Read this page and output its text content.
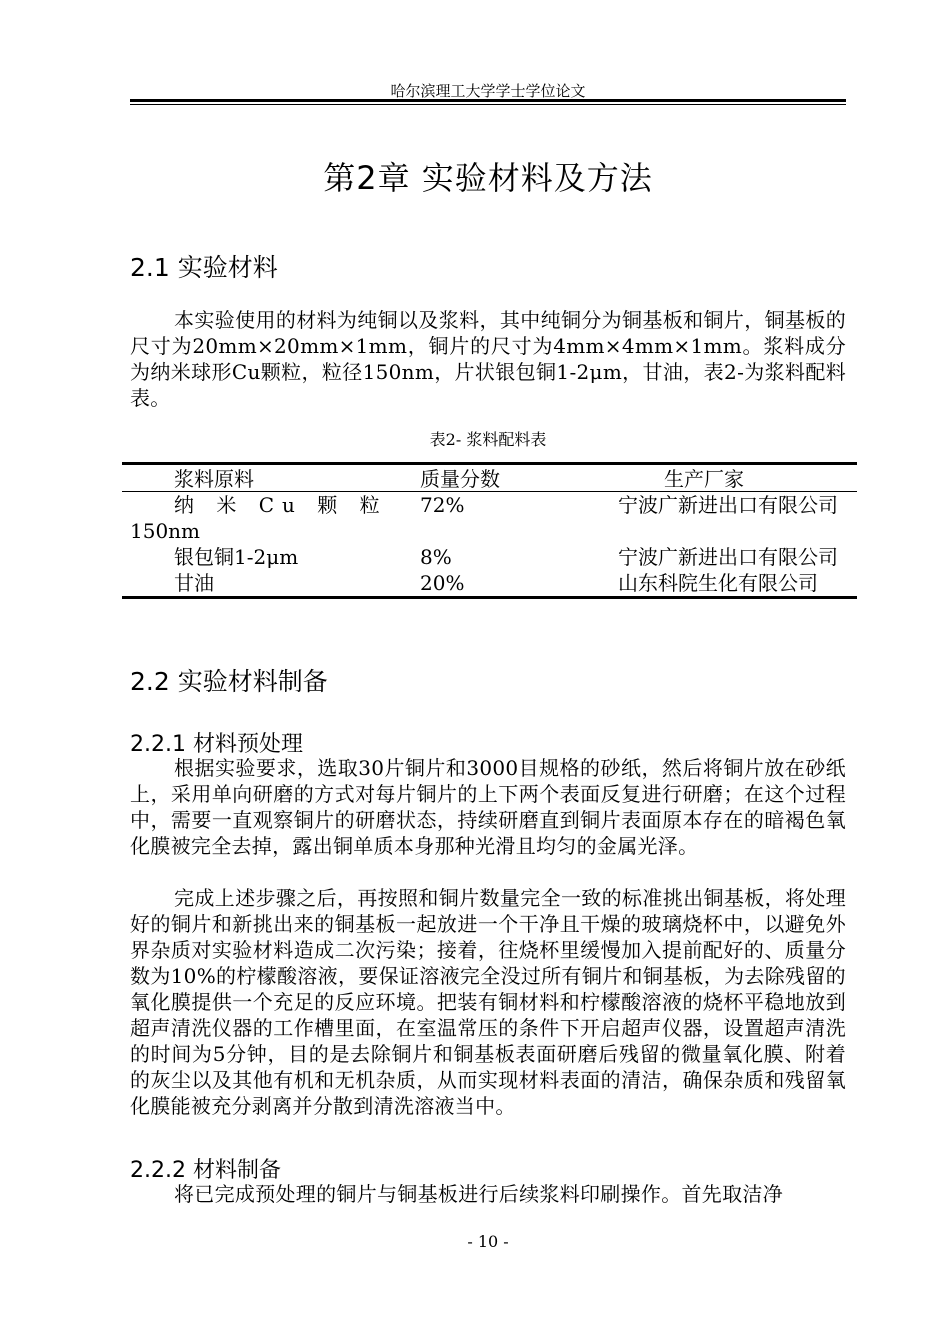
哈尔滨理工大学学士学位论文
第2章 实验材料及方法
2.1 实验材料

本实验使用的材料为纯铜以及浆料，其中纯铜分为铜基板和铜片，铜基板的尺寸为20mm×20mm×1mm，铜片的尺寸为4mm×4mm×1mm。浆料成分为纳米球形Cu颗粒，粒径150nm，片状银包铜1-2μm，甘油，表2-为浆料配料表。

表2- 浆料配料表
浆料原料	质量分数	生产厂家

纳 米 Cu 颗 粒
150nm	72%	宁波广新进出口有限公司

银包铜1-2μm	8%	宁波广新进出口有限公司

甘油	20%	山东科院生化有限公司
2.2 实验材料制备
2.2.1 材料预处理

根据实验要求，选取30片铜片和3000目规格的砂纸，然后将铜片放在砂纸上，采用单向研磨的方式对每片铜片的上下两个表面反复进行研磨；在这个过程中，需要一直观察铜片的研磨状态，持续研磨直到铜片表面原本存在的暗褐色氧化膜被完全去掉，露出铜单质本身那种光滑且均匀的金属光泽。

完成上述步骤之后，再按照和铜片数量完全一致的标准挑出铜基板，将处理好的铜片和新挑出来的铜基板一起放进一个干净且干燥的玻璃烧杯中，以避免外界杂质对实验材料造成二次污染；接着，往烧杯里缓慢加入提前配好的、质量分数为10%的柠檬酸溶液，要保证溶液完全没过所有铜片和铜基板，为去除残留的氧化膜提供一个充足的反应环境。把装有铜材料和柠檬酸溶液的烧杯平稳地放到超声清洗仪器的工作槽里面，在室温常压的条件下开启超声仪器，设置超声清洗的时间为5分钟，目的是去除铜片和铜基板表面研磨后残留的微量氧化膜、附着的灰尘以及其他有机和无机杂质，从而实现材料表面的清洁，确保杂质和残留氧化膜能被充分剥离并分散到清洗溶液当中。

2.2.2 材料制备

将已完成预处理的铜片与铜基板进行后续浆料印刷操作。首先取洁净

- 10 -
